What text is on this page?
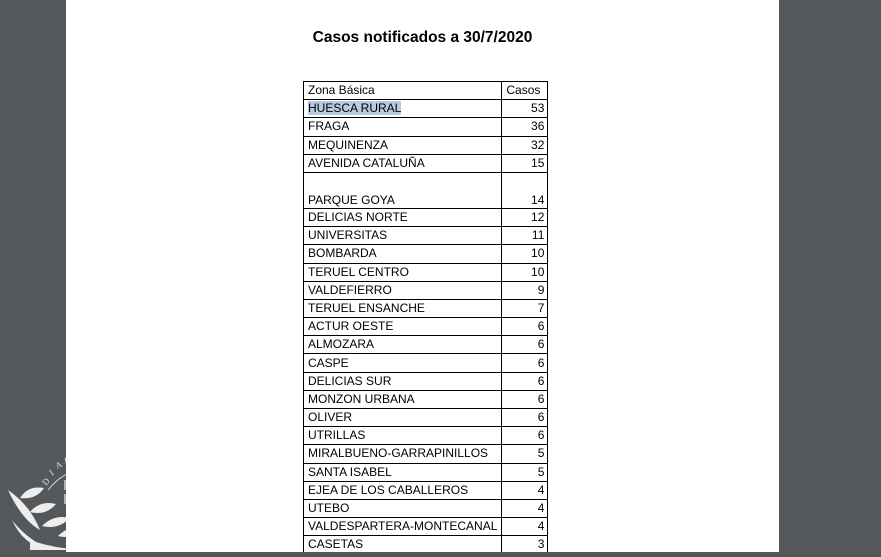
Casos notificados a 30/7/2020
Zona Básica	Casos
HUESCA RURAL	53
FRAGA	36
MEQUINENZA	32
AVENIDA CATALUÑA	15
PARQUE GOYA	14
DELICIAS NORTE	12
UNIVERSITAS	11
BOMBARDA	10
TERUEL CENTRO	10
VALDEFIERRO	9
TERUEL ENSANCHE	7
ACTUR OESTE	6
ALMOZARA	6
CASPE	6
DELICIAS SUR	6
MONZON URBANA	6
OLIVER	6
UTRILLAS	6
MIRALBUENO-GARRAPINILLOS	5
SANTA ISABEL	5
EJEA DE LOS CABALLEROS	4
UTEBO	4
VALDESPARTERA-MONTECANAL	4
CASETAS	3
D
I
A R I O D E A
V
